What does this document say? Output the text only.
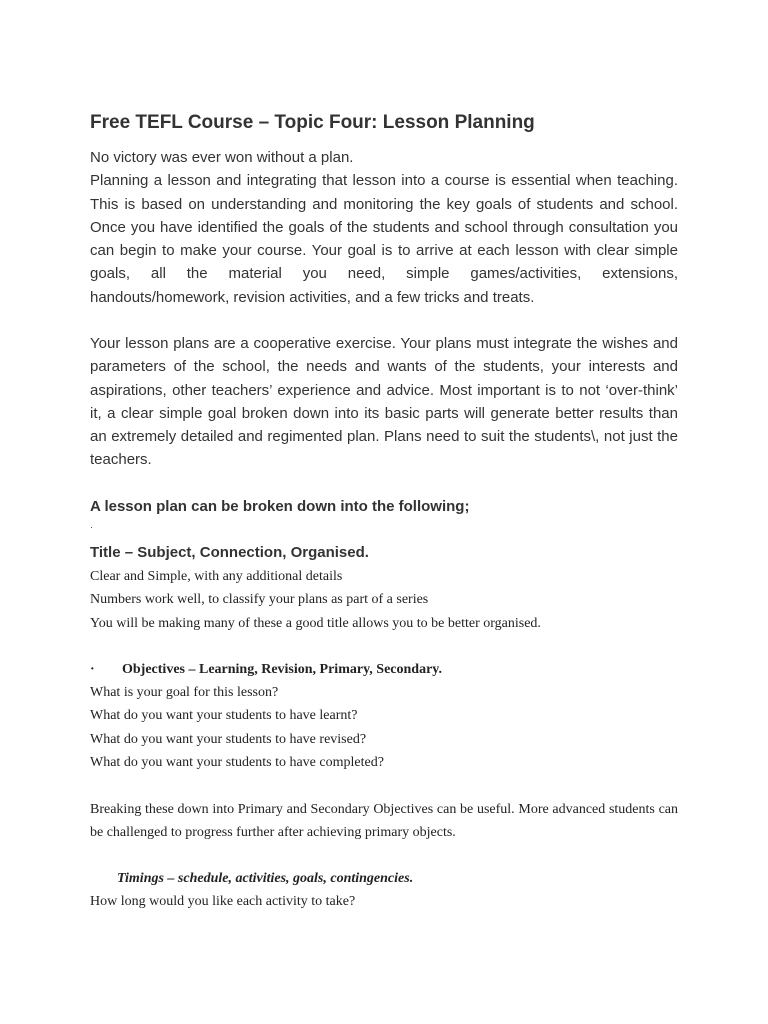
Free TEFL Course – Topic Four: Lesson Planning
No victory was ever won without a plan.
Planning a lesson and integrating that lesson into a course is essential when teaching. This is based on understanding and monitoring the key goals of students and school. Once you have identified the goals of the students and school through consultation you can begin to make your course. Your goal is to arrive at each lesson with clear simple goals, all the material you need, simple games/activities, extensions, handouts/homework, revision activities, and a few tricks and treats.

Your lesson plans are a cooperative exercise. Your plans must integrate the wishes and parameters of the school, the needs and wants of the students, your interests and aspirations, other teachers’ experience and advice. Most important is to not ‘over-think’ it, a clear simple goal broken down into its basic parts will generate better results than an extremely detailed and regimented plan. Plans need to suit the students\, not just the teachers.

A lesson plan can be broken down into the following;
·
Title – Subject, Connection, Organised.
Clear and Simple, with any additional details
Numbers work well, to classify your plans as part of a series
You will be making many of these a good title allows you to be better organised.
· Objectives – Learning, Revision, Primary, Secondary.
What is your goal for this lesson?
What do you want your students to have learnt?
What do you want your students to have revised?
What do you want your students to have completed?

Breaking these down into Primary and Secondary Objectives can be useful. More advanced students can be challenged to progress further after achieving primary objects.

Timings – schedule, activities, goals, contingencies.
How long would you like each activity to take?
